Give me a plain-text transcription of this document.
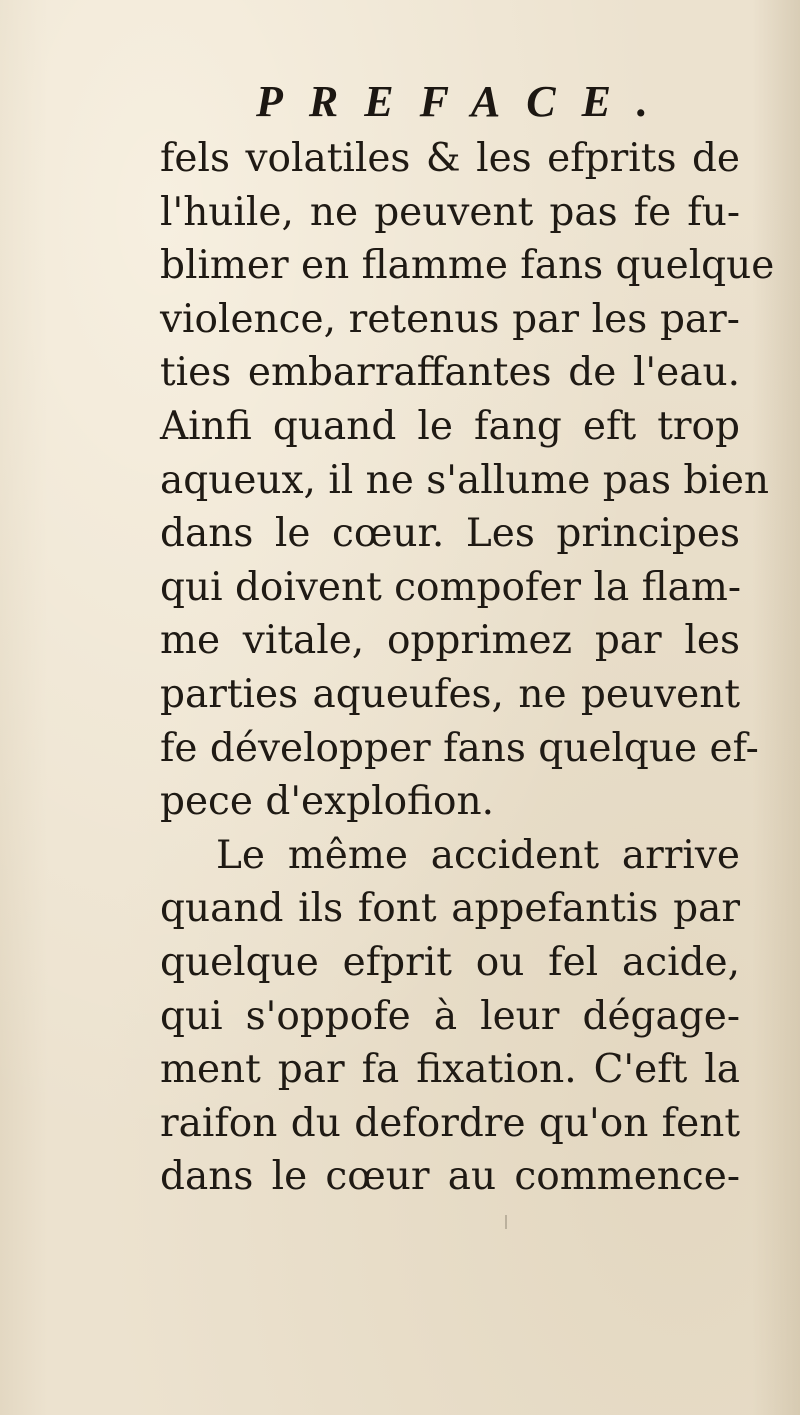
PREFACE.
fels volatiles & les efprits de
l'huile, ne peuvent pas fe fu-
blimer en flamme fans quelque
violence, retenus par les par-
ties embarraffantes de l'eau.
Ainfi quand le fang eft trop
aqueux, il ne s'allume pas bien
dans le cœur. Les principes
qui doivent compofer la flam-
me vitale, opprimez par les
parties aqueufes, ne peuvent
fe développer fans quelque ef-
pece d'explofion.
Le même accident arrive
quand ils font appefantis par
quelque efprit ou fel acide,
qui s'oppofe à leur dégage-
ment par fa fixation. C'eft la
raifon du defordre qu'on fent
dans le cœur au commence-
